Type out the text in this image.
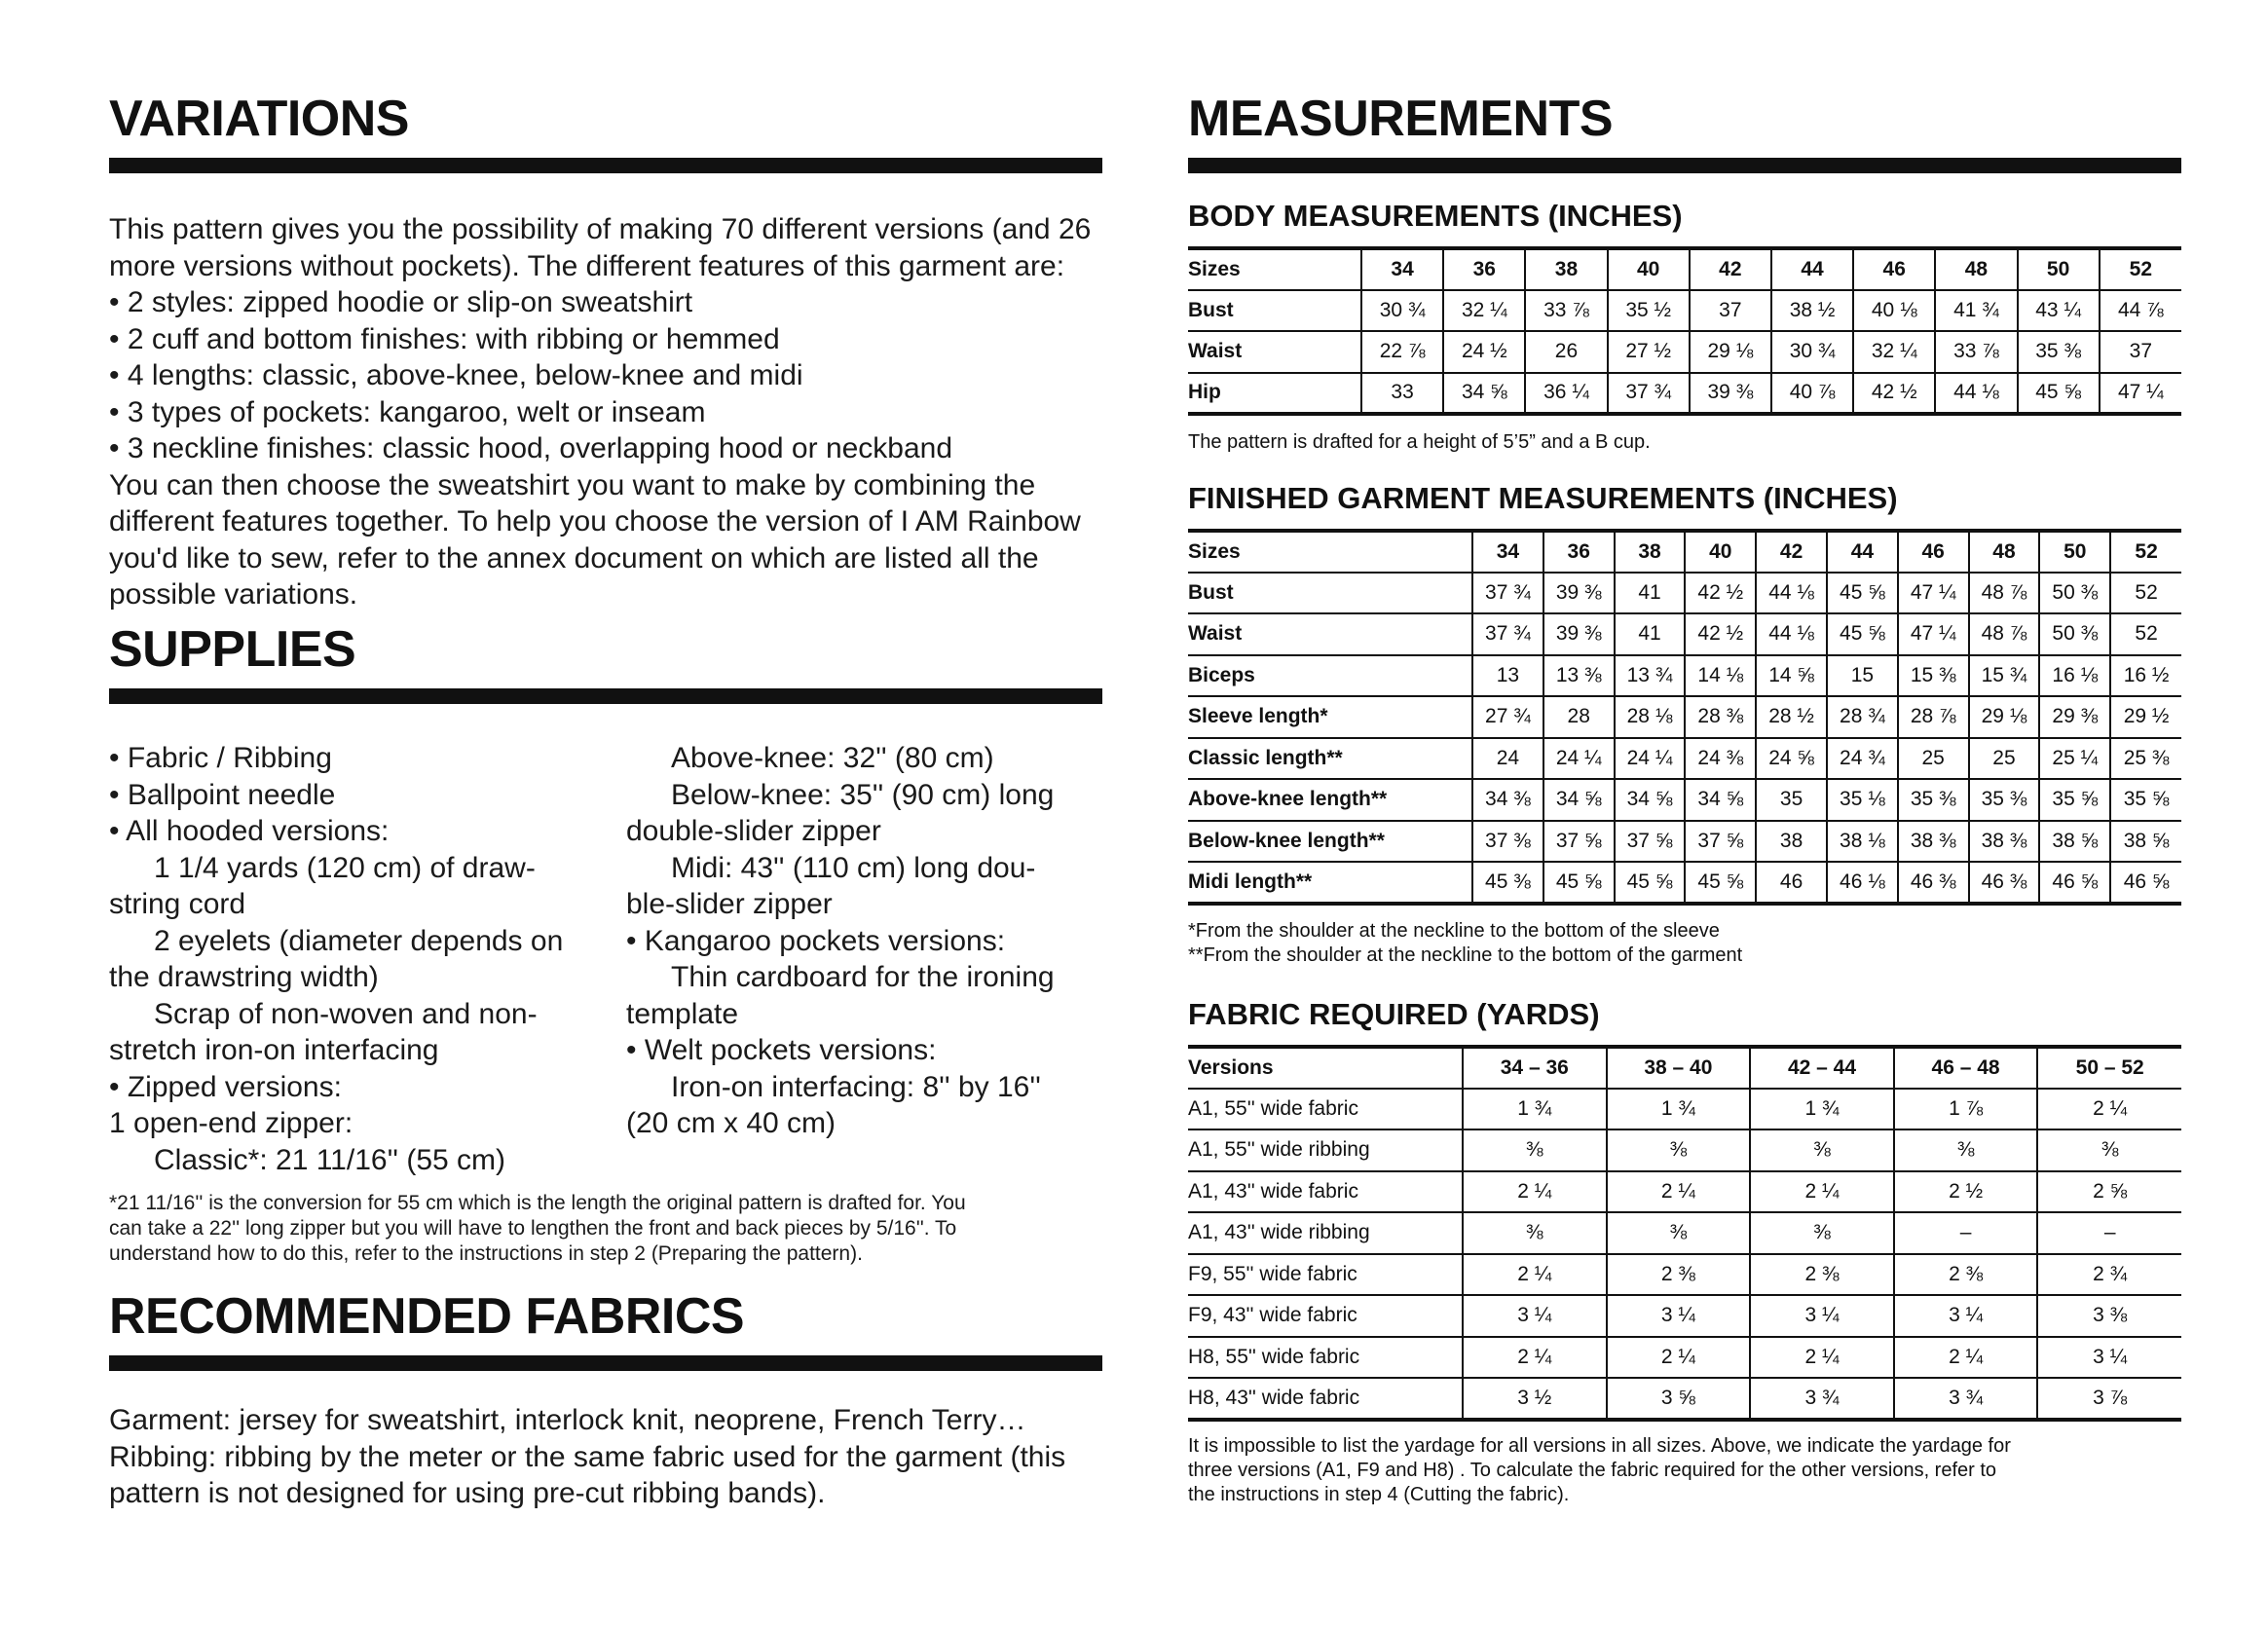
VARIATIONS

This pattern gives you the possibility of making 70 different versions (and 26

more versions without pockets). The different features of this garment are:

• 2 styles: zipped hoodie or slip-on sweatshirt

• 2 cuff and bottom finishes: with ribbing or hemmed

• 4 lengths: classic, above-knee, below-knee and midi

• 3 types of pockets: kangaroo, welt or inseam

• 3 neckline finishes: classic hood, overlapping hood or neckband

You can then choose the sweatshirt you want to make by combining the

different features together. To help you choose the version of I AM Rainbow

you'd like to sew, refer to the annex document on which are listed all the

possible variations.

SUPPLIES

• Fabric / Ribbing

• Ballpoint needle

• All hooded versions:

1 1/4 yards (120 cm) of draw-

string cord

2 eyelets (diameter depends on

the drawstring width)

Scrap of non-woven and non-

stretch iron-on interfacing

• Zipped versions:

1 open-end zipper:

Classic*: 21 11/16'' (55 cm)

Above-knee: 32'' (80 cm)

Below-knee: 35'' (90 cm) long

double-slider zipper

Midi: 43'' (110 cm) long dou-

ble-slider zipper

• Kangaroo pockets versions:

Thin cardboard for the ironing

template

• Welt pockets versions:

Iron-on interfacing: 8'' by 16''

(20 cm x 40 cm)

*21 11/16'' is the conversion for 55 cm which is the length the original pattern is drafted for. You

can take a 22'' long zipper but you will have to lengthen the front and back pieces by 5/16''. To

understand how to do this, refer to the instructions in step 2 (Preparing the pattern).

RECOMMENDED FABRICS

Garment: jersey for sweatshirt, interlock knit, neoprene, French Terry…

Ribbing: ribbing by the meter or the same fabric used for the garment (this

pattern is not designed for using pre-cut ribbing bands).

MEASUREMENTS
BODY MEASUREMENTS (INCHES)
Sizes	34	36	38	40	42	44	46	48	50	52
Bust	30 ¾	32 ¼	33 ⅞	35 ½	37	38 ½	40 ⅛	41 ¾	43 ¼	44 ⅞
Waist	22 ⅞	24 ½	26	27 ½	29 ⅛	30 ¾	32 ¼	33 ⅞	35 ⅜	37
Hip	33	34 ⅝	36 ¼	37 ¾	39 ⅜	40 ⅞	42 ½	44 ⅛	45 ⅝	47 ¼
The pattern is drafted for a height of 5’5” and a B cup.
FINISHED GARMENT MEASUREMENTS (INCHES)
Sizes	34	36	38	40	42	44	46	48	50	52
Bust	37 ¾	39 ⅜	41	42 ½	44 ⅛	45 ⅝	47 ¼	48 ⅞	50 ⅜	52
Waist	37 ¾	39 ⅜	41	42 ½	44 ⅛	45 ⅝	47 ¼	48 ⅞	50 ⅜	52
Biceps	13	13 ⅜	13 ¾	14 ⅛	14 ⅝	15	15 ⅜	15 ¾	16 ⅛	16 ½
Sleeve length*	27 ¾	28	28 ⅛	28 ⅜	28 ½	28 ¾	28 ⅞	29 ⅛	29 ⅜	29 ½
Classic length**	24	24 ¼	24 ¼	24 ⅜	24 ⅝	24 ¾	25	25	25 ¼	25 ⅜
Above-knee length**	34 ⅜	34 ⅝	34 ⅝	34 ⅝	35	35 ⅛	35 ⅜	35 ⅜	35 ⅝	35 ⅝
Below-knee length**	37 ⅜	37 ⅝	37 ⅝	37 ⅝	38	38 ⅛	38 ⅜	38 ⅜	38 ⅝	38 ⅝
Midi length**	45 ⅜	45 ⅝	45 ⅝	45 ⅝	46	46 ⅛	46 ⅜	46 ⅜	46 ⅝	46 ⅝

*From the shoulder at the neckline to the bottom of the sleeve

**From the shoulder at the neckline to the bottom of the garment

FABRIC REQUIRED (YARDS)
Versions	34 – 36	38 – 40	42 – 44	46 – 48	50 – 52
A1, 55'' wide fabric	1 ¾	1 ¾	1 ¾	1 ⅞	2 ¼
A1, 55'' wide ribbing	⅜	⅜	⅜	⅜	⅜
A1, 43'' wide fabric	2 ¼	2 ¼	2 ¼	2 ½	2 ⅝
A1, 43'' wide ribbing	⅜	⅜	⅜	–	–
F9, 55'' wide fabric	2 ¼	2 ⅜	2 ⅜	2 ⅜	2 ¾
F9, 43'' wide fabric	3 ¼	3 ¼	3 ¼	3 ¼	3 ⅜
H8, 55'' wide fabric	2 ¼	2 ¼	2 ¼	2 ¼	3 ¼
H8, 43'' wide fabric	3 ½	3 ⅝	3 ¾	3 ¾	3 ⅞

It is impossible to list the yardage for all versions in all sizes. Above, we indicate the yardage for

three versions (A1, F9 and H8) . To calculate the fabric required for the other versions, refer to

the instructions in step 4 (Cutting the fabric).
